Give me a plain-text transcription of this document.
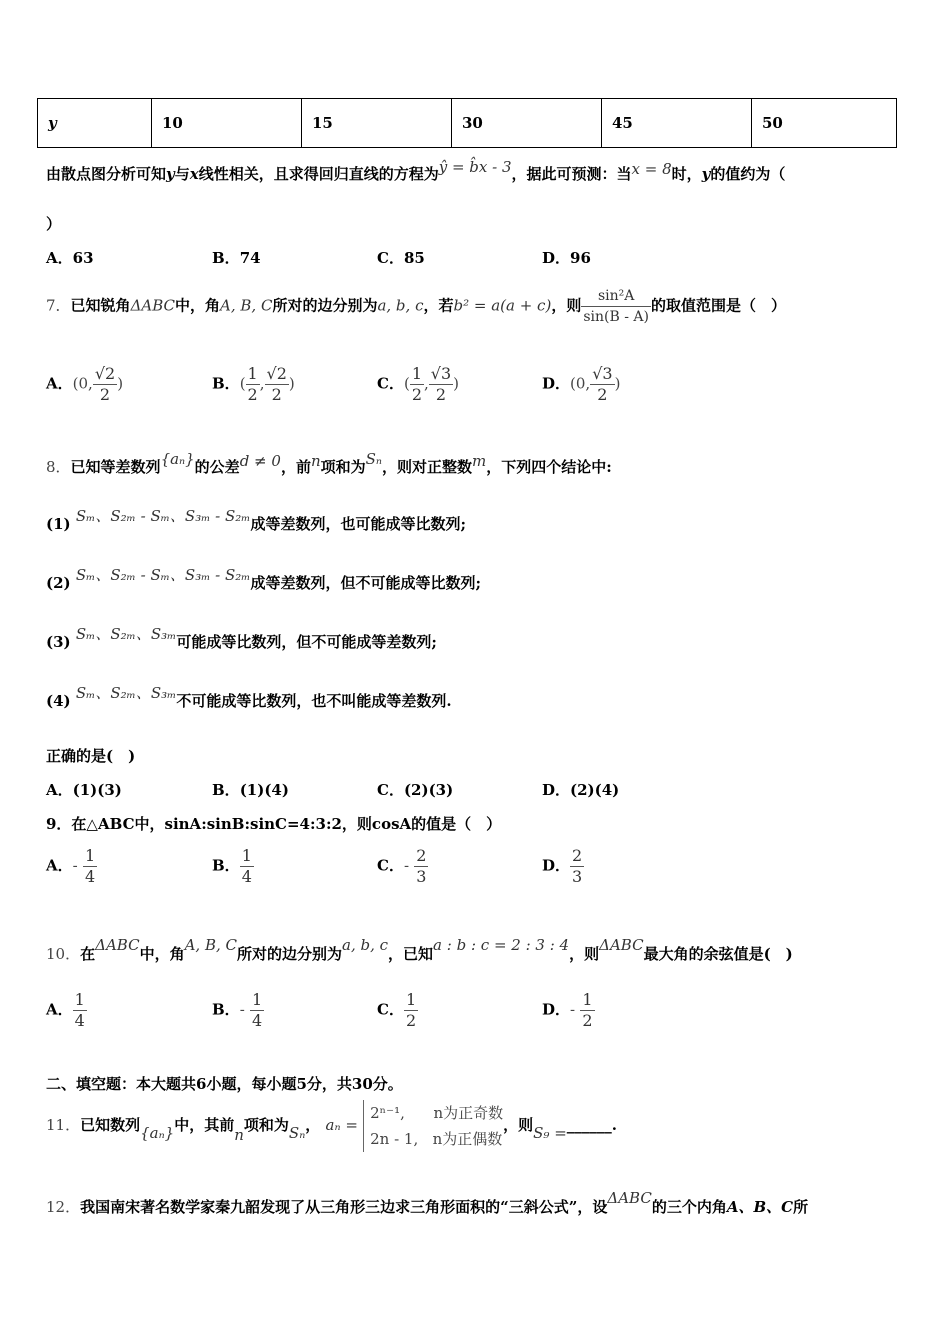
y	10	15	30	45	50
由散点图分析可知y与x线性相关，且求得回归直线的方程为ŷ = b̂x - 3，据此可预测：当x = 8时，y的值约为（
）
A．63	B．74	C．85	D．96
7．已知锐角ΔABC中，角A, B, C所对的边分别为a, b, c，若b² = a(a + c)，则 $\frac{\text{sin²A}}{\sin(B - A)}$ 的取值范围是（　）
A．(0, $\frac{√2}{2}$ )	B．( $\frac{1}{2}$ , $\frac{√2}{2}$ )	C．( $\frac{1}{2}$ , $\frac{√3}{2}$ )	D．(0, $\frac{√3}{2}$ )
8．已知等差数列{aₙ}的公差d ≠ 0，前n项和为Sₙ，则对正整数m，下列四个结论中:
(1) Sₘ、S₂ₘ - Sₘ、S₃ₘ - S₂ₘ成等差数列，也可能成等比数列;
(2) Sₘ、S₂ₘ - Sₘ、S₃ₘ - S₂ₘ成等差数列，但不可能成等比数列;
(3) Sₘ、S₂ₘ、S₃ₘ可能成等比数列，但不可能成等差数列;
(4) Sₘ、S₂ₘ、S₃ₘ不可能成等比数列，也不叫能成等差数列.
正确的是(　)
A．(1)(3)	B．(1)(4)	C．(2)(3)	D．(2)(4)
9．在△ABC中，sinA:sinB:sinC=4:3:2，则cosA的值是（　）
A．- $\frac{1}{4}$	B． $\frac{1}{4}$	C．- $\frac{2}{3}$	D． $\frac{2}{3}$
10．在ΔABC中，角A, B, C所对的边分别为a, b, c，已知a : b : c = 2 : 3 : 4，则ΔABC最大角的余弦值是(　)
A． $\frac{1}{4}$	B．- $\frac{1}{4}$	C． $\frac{1}{2}$	D．- $\frac{1}{2}$
二、填空题：本大题共6小题，每小题5分，共30分。
11．已知数列{aₙ}中，其前n项和为Sₙ， aₙ =
2ⁿ⁻¹, n为正奇数
2n - 1, n为正偶数
，则S₉ =______.
12．我国南宋著名数学家秦九韶发现了从三角形三边求三角形面积的“三斜公式”，设ΔABC的三个内角A、B、C所
